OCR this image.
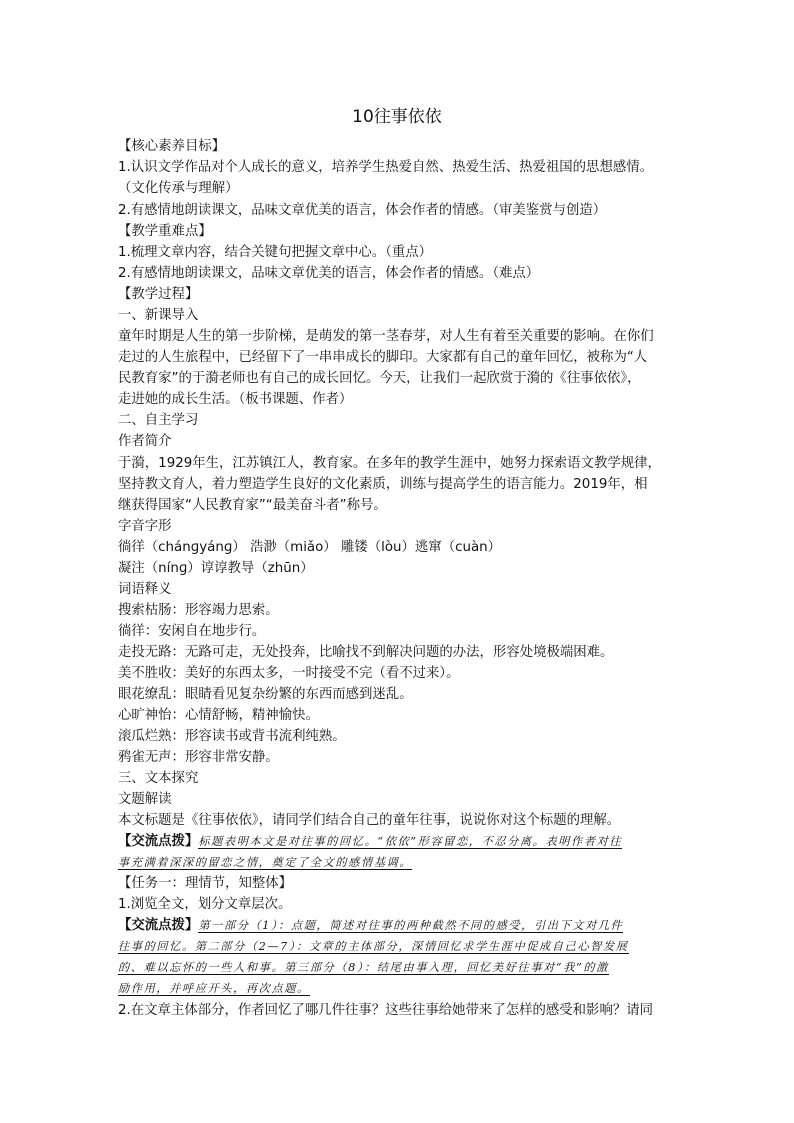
10往事依依
【核心素养目标】
1.认识文学作品对个人成长的意义，培养学生热爱自然、热爱生活、热爱祖国的思想感情。
（文化传承与理解）
2.有感情地朗读课文，品味文章优美的语言，体会作者的情感。（审美鉴赏与创造）
【教学重难点】
1.梳理文章内容，结合关键句把握文章中心。（重点）
2.有感情地朗读课文，品味文章优美的语言，体会作者的情感。（难点）
【教学过程】
一、新课导入
童年时期是人生的第一步阶梯，是萌发的第一茎春芽，对人生有着至关重要的影响。在你们
走过的人生旅程中，已经留下了一串串成长的脚印。大家都有自己的童年回忆，被称为“人
民教育家”的于漪老师也有自己的成长回忆。今天，让我们一起欣赏于漪的《往事依依》，
走进她的成长生活。（板书课题、作者）
二、自主学习
作者简介
于漪，1929年生，江苏镇江人，教育家。在多年的教学生涯中，她努力探索语文教学规律，
坚持教文育人，着力塑造学生良好的文化素质，训练与提高学生的语言能力。2019年，相
继获得国家“人民教育家”“最美奋斗者”称号。
字音字形
徜徉（chánɡyánɡ） 浩渺（miǎo） 雕镂（lòu）逃窜（cuàn）
凝注（nínɡ）谆谆教导（zhūn）
词语释义
搜索枯肠：形容竭力思索。
徜徉：安闲自在地步行。
走投无路：无路可走，无处投奔，比喻找不到解决问题的办法，形容处境极端困难。
美不胜收：美好的东西太多，一时接受不完（看不过来）。
眼花缭乱：眼睛看见复杂纷繁的东西而感到迷乱。
心旷神怡：心情舒畅，精神愉快。
滚瓜烂熟：形容读书或背书流利纯熟。
鸦雀无声：形容非常安静。
三、文本探究
文题解读
本文标题是《往事依依》，请同学们结合自己的童年往事，说说你对这个标题的理解。
【交流点拨】标题表明本文是对往事的回忆。“依依”形容留恋，不忍分离。表明作者对往
事充满着深深的留恋之情，奠定了全文的感情基调。
【任务一：理情节，知整体】
1.浏览全文，划分文章层次。
【交流点拨】第一部分（1）：点题，简述对往事的两种截然不同的感受，引出下文对几件
往事的回忆。第二部分（2—7）：文章的主体部分，深情回忆求学生涯中促成自己心智发展
的、难以忘怀的一些人和事。第三部分（8）：结尾由事入理，回忆美好往事对“我”的激
励作用，并呼应开头，再次点题。
2.在文章主体部分，作者回忆了哪几件往事？这些往事给她带来了怎样的感受和影响？请同
